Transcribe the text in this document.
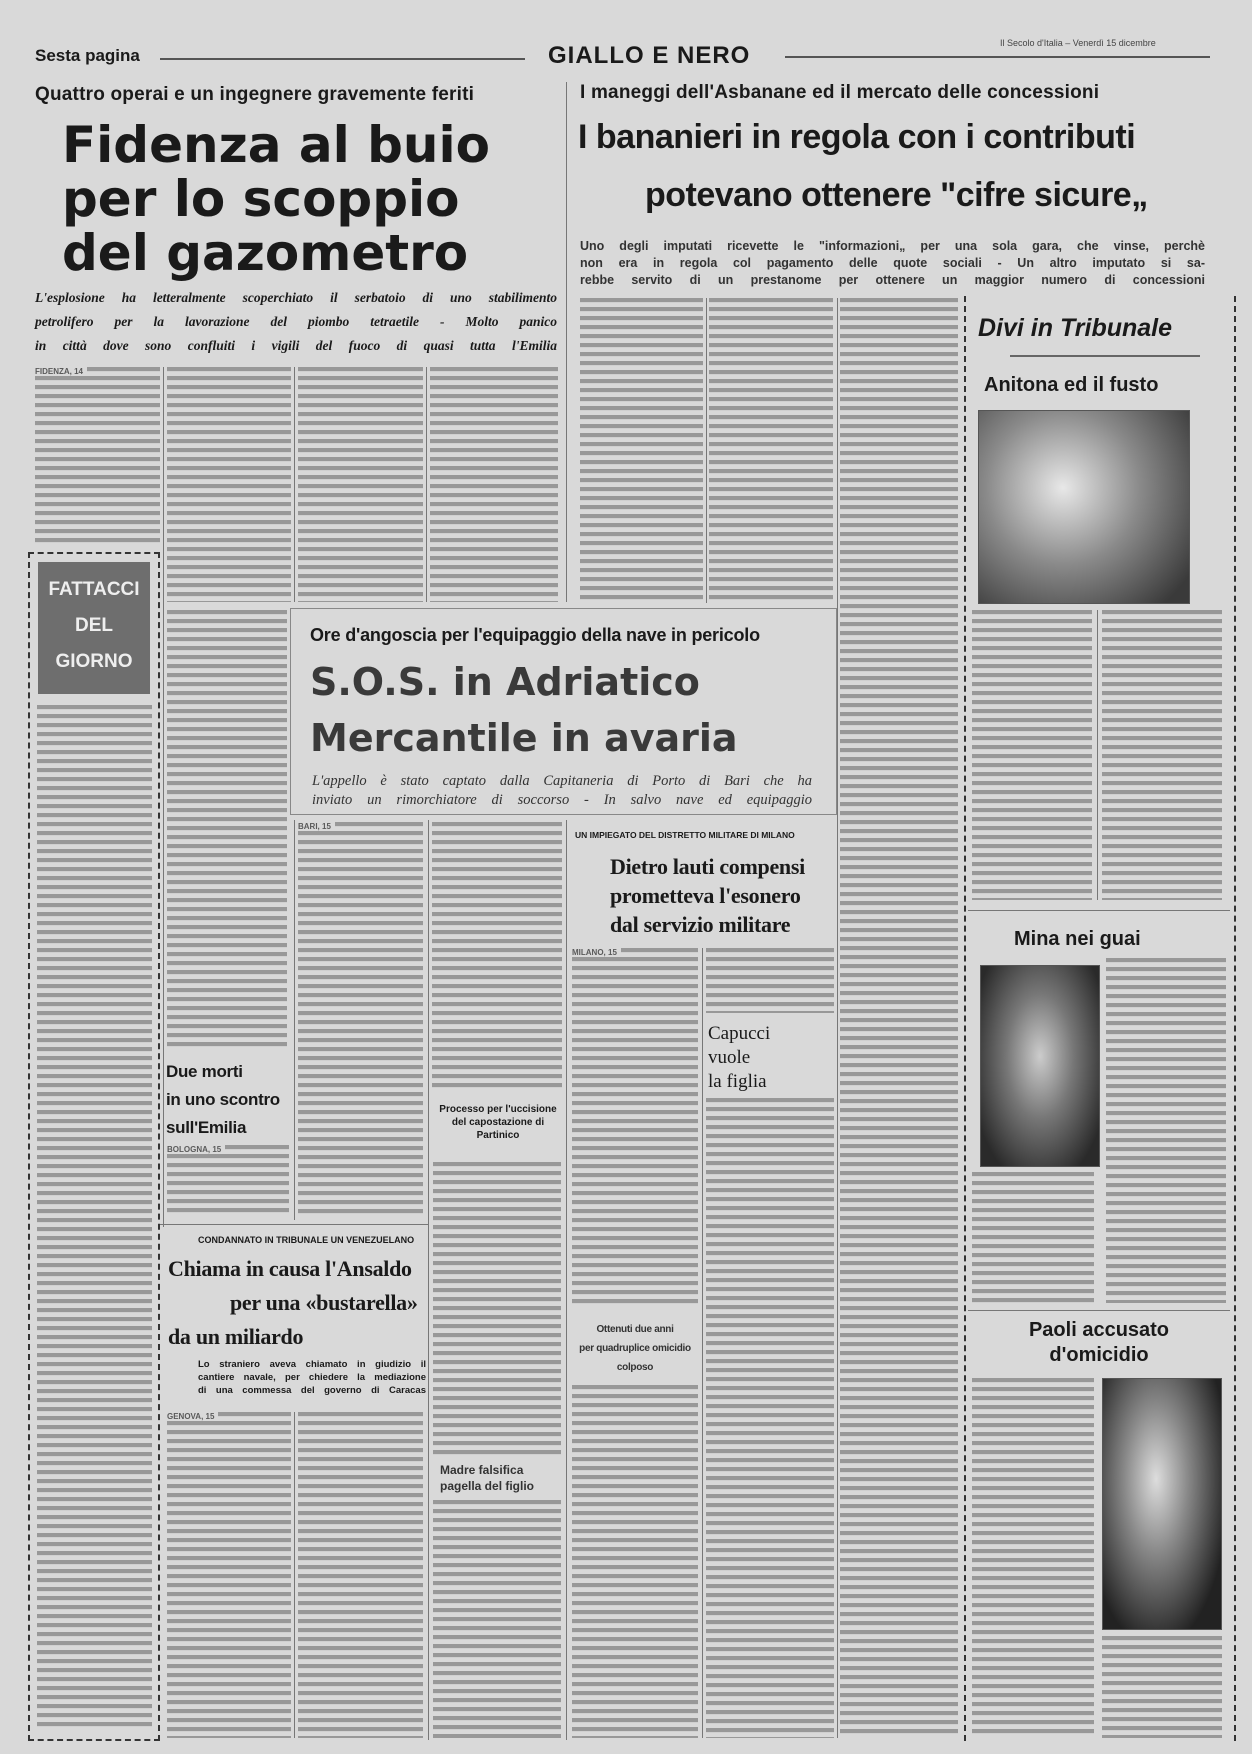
Sesta pagina	GIALLO E NERO	Il Secolo d'Italia – Venerdì 15 dicembre
Quattro operai e un ingegnere gravemente feriti
Fidenza al buio
per lo scoppio
del gazometro
L'esplosione ha letteralmente scoperchiato il serbatoio di uno stabilimento
petrolifero per la lavorazione del piombo tetraetile - Molto panico
in città dove sono confluiti i vigili del fuoco di quasi tutta l'Emilia
FIDENZA, 14
FATTACCI
DEL
GIORNO
I maneggi dell'Asbanane ed il mercato delle concessioni
I bananieri in regola con i contributi
potevano ottenere "cifre sicure„
Uno degli imputati ricevette le "informazioni„ per una sola gara, che vinse, perchè
non era in regola col pagamento delle quote sociali - Un altro imputato si sa-
rebbe servito di un prestanome per ottenere un maggior numero di concessioni
Ore d'angoscia per l'equipaggio della nave in pericolo
S.O.S. in Adriatico
Mercantile in avaria
L'appello è stato captato dalla Capitaneria di Porto di Bari che ha
inviato un rimorchiatore di soccorso - In salvo nave ed equipaggio
BARI, 15
UN IMPIEGATO DEL DISTRETTO MILITARE DI MILANO
Dietro lauti compensi
prometteva l'esonero
dal servizio militare
MILANO, 15
Capucci
vuole
la figlia
Ottenuti due anni
per quadruplice omicidio
colposo
Due morti
in uno scontro
sull'Emilia
BOLOGNA, 15
CONDANNATO IN TRIBUNALE UN VENEZUELANO
Chiama in causa l'Ansaldo
per una «bustarella»
da un miliardo
Lo straniero aveva chiamato in giudizio il
cantiere navale, per chiedere la mediazione
di una commessa del governo di Caracas
GENOVA, 15
Processo per l'uccisione
del capostazione di Partinico
Madre falsifica
pagella del figlio
Divi in Tribunale
Anitona ed il fusto
Mina nei guai
Paoli accusato
d'omicidio
